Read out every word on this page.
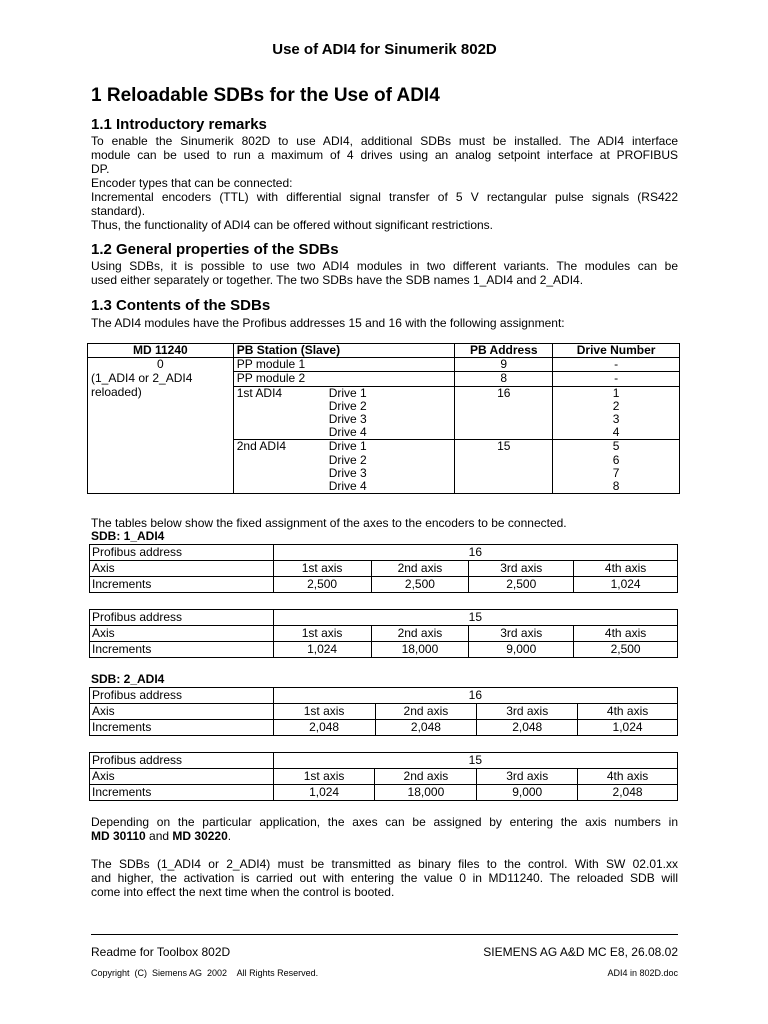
Use of ADI4 for Sinumerik 802D
1 Reloadable SDBs for the Use of ADI4
1.1 Introductory remarks

To enable the Sinumerik 802D to use ADI4, additional SDBs must be installed. The ADI4 interface

module can be used to run a maximum of 4 drives using an analog setpoint interface at PROFIBUS

DP.

Encoder types that can be connected:

Incremental encoders (TTL) with differential signal transfer of 5 V rectangular pulse signals (RS422

standard).

Thus, the functionality of ADI4 can be offered without significant restrictions.

1.2 General properties of the SDBs

Using SDBs, it is possible to use two ADI4 modules in two different variants. The modules can be

used either separately or together. The two SDBs have the SDB names 1_ADI4 and 2_ADI4.

1.3 Contents of the SDBs

The ADI4 modules have the Profibus addresses 15 and 16 with the following assignment:

MD 11240	PB Station (Slave)	PB Address	Drive Number
0	PP module 1	9	-
(1_ADI4 or 2_ADI4	PP module 2	8	-
reloaded)	1st ADI4 Drive 1	16	1
	Drive 2		2
	Drive 3		3
	Drive 4		4
	2nd ADI4 Drive 1	15	5
	Drive 2		6
	Drive 3		7
	Drive 4		8

The tables below show the fixed assignment of the axes to the encoders to be connected.

SDB: 1_ADI4
Profibus address	16			
Axis	1st axis	2nd axis	3rd axis	4th axis
Increments	2,500	2,500	2,500	1,024
Profibus address	15			
Axis	1st axis	2nd axis	3rd axis	4th axis
Increments	1,024	18,000	9,000	2,500
SDB: 2_ADI4
Profibus address	16			
Axis	1st axis	2nd axis	3rd axis	4th axis
Increments	2,048	2,048	2,048	1,024
Profibus address	15			
Axis	1st axis	2nd axis	3rd axis	4th axis
Increments	1,024	18,000	9,000	2,048

Depending on the particular application, the axes can be assigned by entering the axis numbers in

MD 30110 and MD 30220.

The SDBs (1_ADI4 or 2_ADI4) must be transmitted as binary files to the control. With SW 02.01.xx

and higher, the activation is carried out with entering the value 0 in MD11240. The reloaded SDB will

come into effect the next time when the control is booted.

Readme for Toolbox 802D	SIEMENS AG A&D MC E8, 26.08.02
Copyright  (C)  Siemens AG  2002    All Rights Reserved.	ADI4 in 802D.doc
